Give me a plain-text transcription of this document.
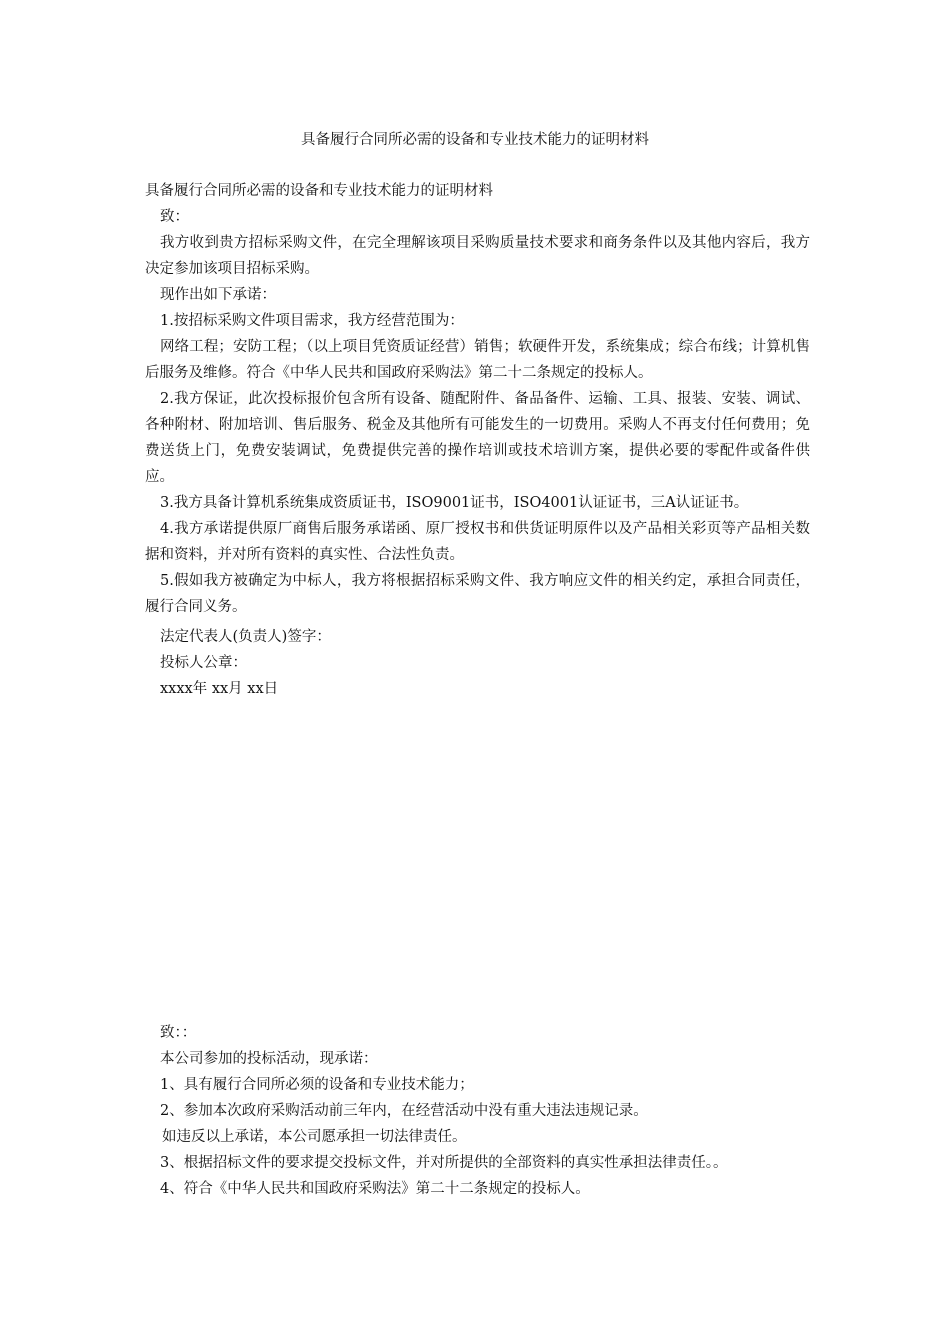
具备履行合同所必需的设备和专业技术能力的证明材料
具备履行合同所必需的设备和专业技术能力的证明材料
致：
我方收到贵方招标采购文件，在完全理解该项目采购质量技术要求和商务条件以及其他内容后，我方决定参加该项目招标采购。
现作出如下承诺：
1.按招标采购文件项目需求，我方经营范围为：
网络工程；安防工程；（以上项目凭资质证经营）销售；软硬件开发，系统集成；综合布线；计算机售后服务及维修。符合《中华人民共和国政府采购法》第二十二条规定的投标人。
2.我方保证，此次投标报价包含所有设备、随配附件、备品备件、运输、工具、报装、安装、调试、各种附材、附加培训、售后服务、税金及其他所有可能发生的一切费用。采购人不再支付任何费用；免费送货上门，免费安装调试，免费提供完善的操作培训或技术培训方案，提供必要的零配件或备件供应。
3.我方具备计算机系统集成资质证书，ISO9001证书，ISO4001认证证书，三A认证证书。
4.我方承诺提供原厂商售后服务承诺函、原厂授权书和供货证明原件以及产品相关彩页等产品相关数据和资料，并对所有资料的真实性、合法性负责。
5.假如我方被确定为中标人，我方将根据招标采购文件、我方响应文件的相关约定，承担合同责任，履行合同义务。
法定代表人(负责人)签字：
投标人公章：
xxxx年 xx月 xx日
致：：
本公司参加的投标活动，现承诺：
1、具有履行合同所必须的设备和专业技术能力；
2、参加本次政府采购活动前三年内，在经营活动中没有重大违法违规记录。
如违反以上承诺，本公司愿承担一切法律责任。
3、根据招标文件的要求提交投标文件，并对所提供的全部资料的真实性承担法律责任。。
4、符合《中华人民共和国政府采购法》第二十二条规定的投标人。
